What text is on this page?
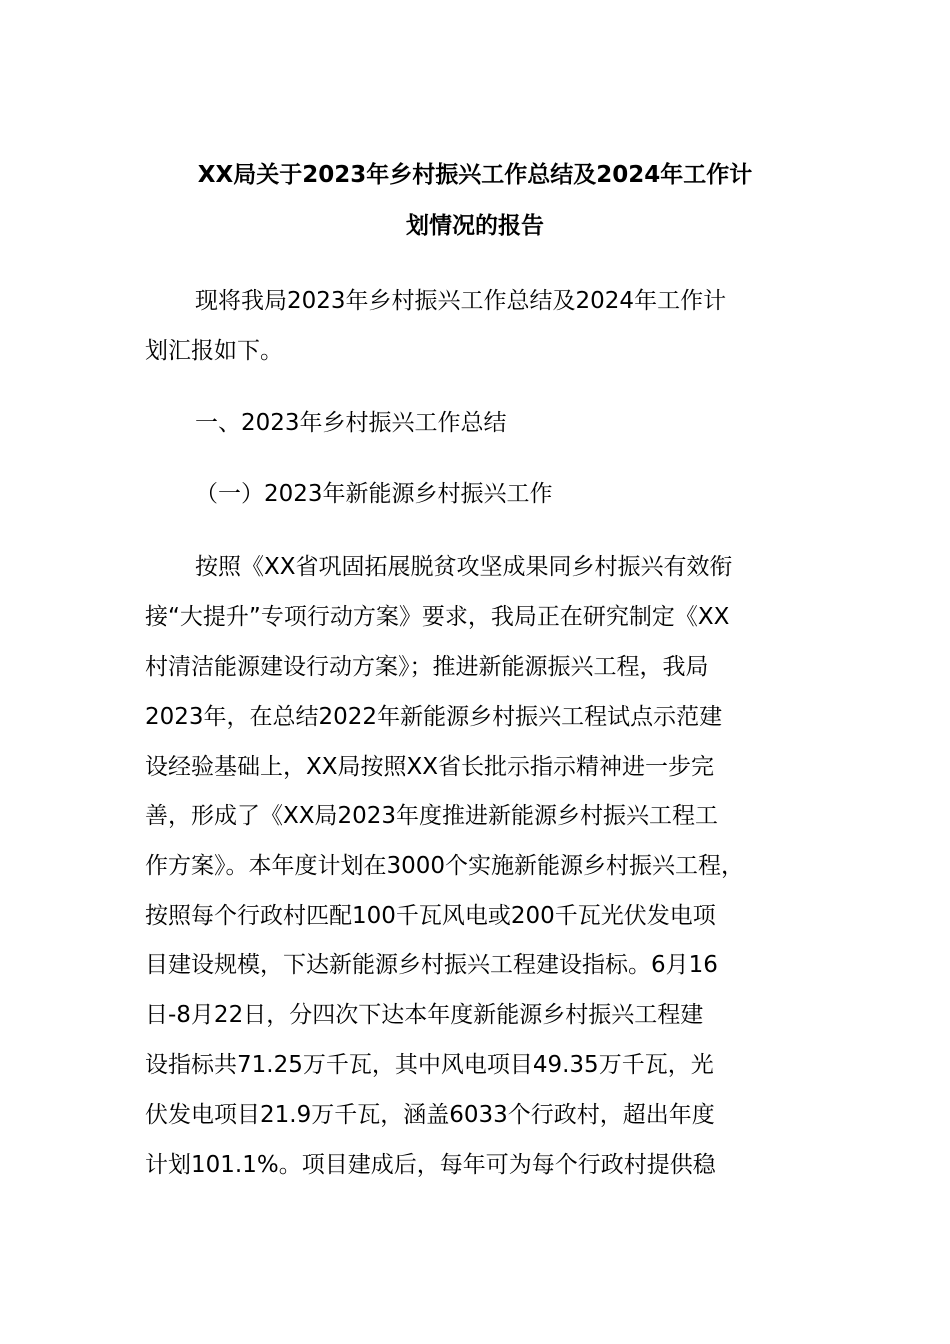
XX局关于2023年乡村振兴工作总结及2024年工作计
划情况的报告
现将我局2023年乡村振兴工作总结及2024年工作计
划汇报如下。
一、2023年乡村振兴工作总结
（一）2023年新能源乡村振兴工作
按照《XX省巩固拓展脱贫攻坚成果同乡村振兴有效衔
接“大提升”专项行动方案》要求，我局正在研究制定《XX
村清洁能源建设行动方案》；推进新能源振兴工程，我局
2023年，在总结2022年新能源乡村振兴工程试点示范建
设经验基础上，XX局按照XX省长批示指示精神进一步完
善，形成了《XX局2023年度推进新能源乡村振兴工程工
作方案》。本年度计划在3000个实施新能源乡村振兴工程，
按照每个行政村匹配100千瓦风电或200千瓦光伏发电项
目建设规模，下达新能源乡村振兴工程建设指标。6月16
日-8月22日，分四次下达本年度新能源乡村振兴工程建
设指标共71.25万千瓦，其中风电项目49.35万千瓦，光
伏发电项目21.9万千瓦，涵盖6033个行政村，超出年度
计划101.1%。项目建成后，每年可为每个行政村提供稳
